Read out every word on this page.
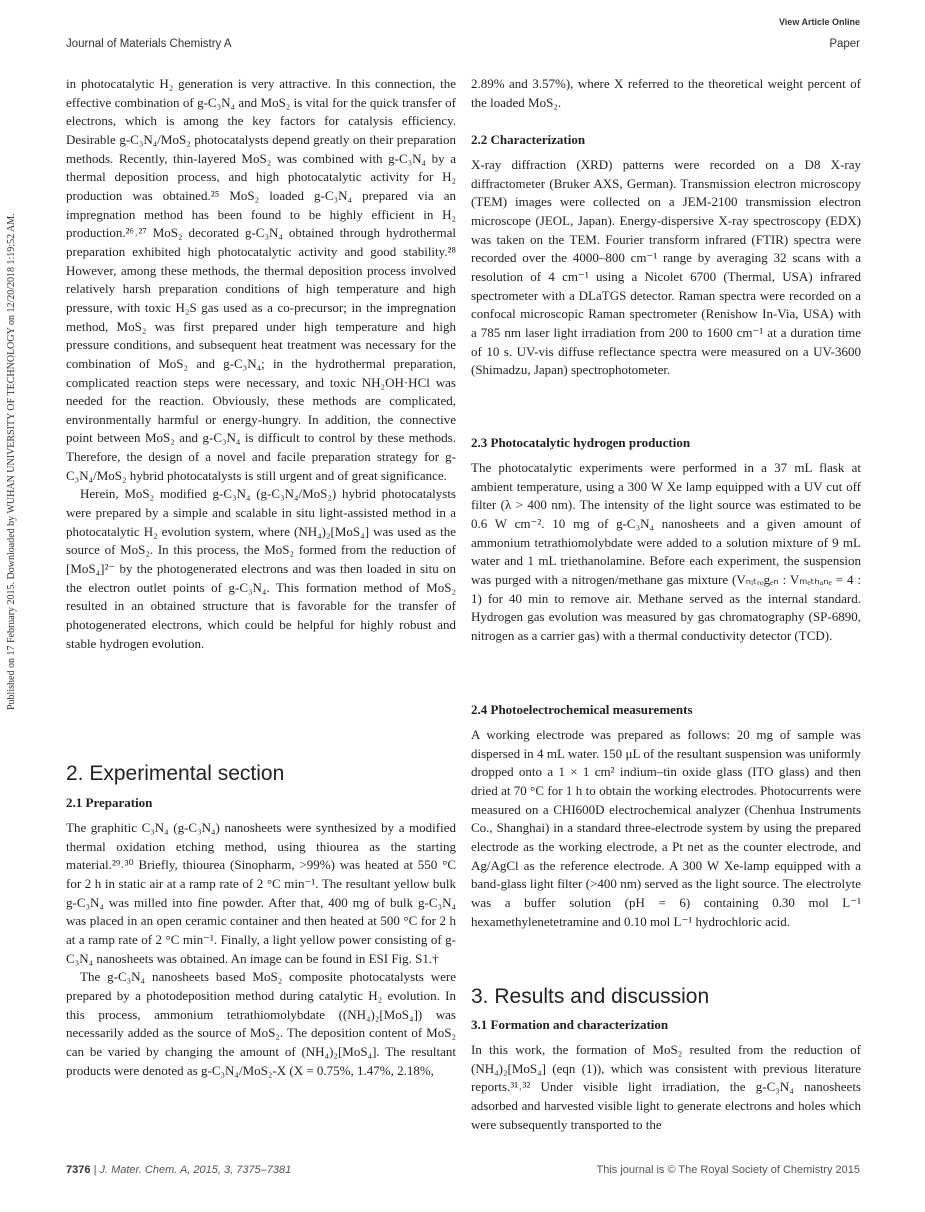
View Article Online
Journal of Materials Chemistry A	Paper
Published on 17 February 2015. Downloaded by WUHAN UNIVERSITY OF TECHNOLOGY on 12/20/2018 1:19:52 AM.

in photocatalytic H₂ generation is very attractive. In this connection, the effective combination of g-C₃N₄ and MoS₂ is vital for the quick transfer of electrons, which is among the key factors for catalysis efficiency. Desirable g-C₃N₄/MoS₂ photocatalysts depend greatly on their preparation methods. Recently, thin-layered MoS₂ was combined with g-C₃N₄ by a thermal deposition process, and high photocatalytic activity for H₂ production was obtained.²⁵ MoS₂ loaded g-C₃N₄ prepared via an impregnation method has been found to be highly efficient in H₂ production.²⁶˒²⁷ MoS₂ decorated g-C₃N₄ obtained through hydrothermal preparation exhibited high photocatalytic activity and good stability.²⁸ However, among these methods, the thermal deposition process involved relatively harsh preparation conditions of high temperature and high pressure, with toxic H₂S gas used as a co-precursor; in the impregnation method, MoS₂ was first prepared under high temperature and high pressure conditions, and subsequent heat treatment was necessary for the combination of MoS₂ and g-C₃N₄; in the hydrothermal preparation, complicated reaction steps were necessary, and toxic NH₂OH·HCl was needed for the reaction. Obviously, these methods are complicated, environmentally harmful or energy-hungry. In addition, the connective point between MoS₂ and g-C₃N₄ is difficult to control by these methods. Therefore, the design of a novel and facile preparation strategy for g-C₃N₄/MoS₂ hybrid photocatalysts is still urgent and of great significance.

Herein, MoS₂ modified g-C₃N₄ (g-C₃N₄/MoS₂) hybrid photocatalysts were prepared by a simple and scalable in situ light-assisted method in a photocatalytic H₂ evolution system, where (NH₄)₂[MoS₄] was used as the source of MoS₂. In this process, the MoS₂ formed from the reduction of [MoS₄]²⁻ by the photogenerated electrons and was then loaded in situ on the electron outlet points of g-C₃N₄. This formation method of MoS₂ resulted in an obtained structure that is favorable for the transfer of photogenerated electrons, which could be helpful for highly robust and stable hydrogen evolution.

2. Experimental section
2.1 Preparation

The graphitic C₃N₄ (g-C₃N₄) nanosheets were synthesized by a modified thermal oxidation etching method, using thiourea as the starting material.²⁹˒³⁰ Briefly, thiourea (Sinopharm, >99%) was heated at 550 °C for 2 h in static air at a ramp rate of 2 °C min⁻¹. The resultant yellow bulk g-C₃N₄ was milled into fine powder. After that, 400 mg of bulk g-C₃N₄ was placed in an open ceramic container and then heated at 500 °C for 2 h at a ramp rate of 2 °C min⁻¹. Finally, a light yellow power consisting of g-C₃N₄ nanosheets was obtained. An image can be found in ESI Fig. S1.†

The g-C₃N₄ nanosheets based MoS₂ composite photocatalysts were prepared by a photodeposition method during catalytic H₂ evolution. In this process, ammonium tetrathiomolybdate ((NH₄)₂[MoS₄]) was necessarily added as the source of MoS₂. The deposition content of MoS₂ can be varied by changing the amount of (NH₄)₂[MoS₄]. The resultant products were denoted as g-C₃N₄/MoS₂-X (X = 0.75%, 1.47%, 2.18%,

2.89% and 3.57%), where X referred to the theoretical weight percent of the loaded MoS₂.

2.2 Characterization

X-ray diffraction (XRD) patterns were recorded on a D8 X-ray diffractometer (Bruker AXS, German). Transmission electron microscopy (TEM) images were collected on a JEM-2100 transmission electron microscope (JEOL, Japan). Energy-dispersive X-ray spectroscopy (EDX) was taken on the TEM. Fourier transform infrared (FTIR) spectra were recorded over the 4000–800 cm⁻¹ range by averaging 32 scans with a resolution of 4 cm⁻¹ using a Nicolet 6700 (Thermal, USA) infrared spectrometer with a DLaTGS detector. Raman spectra were recorded on a confocal microscopic Raman spectrometer (Renishow In-Via, USA) with a 785 nm laser light irradiation from 200 to 1600 cm⁻¹ at a duration time of 10 s. UV-vis diffuse reflectance spectra were measured on a UV-3600 (Shimadzu, Japan) spectrophotometer.

2.3 Photocatalytic hydrogen production

The photocatalytic experiments were performed in a 37 mL flask at ambient temperature, using a 300 W Xe lamp equipped with a UV cut off filter (λ > 400 nm). The intensity of the light source was estimated to be 0.6 W cm⁻². 10 mg of g-C₃N₄ nanosheets and a given amount of ammonium tetrathiomolybdate were added to a solution mixture of 9 mL water and 1 mL triethanolamine. Before each experiment, the suspension was purged with a nitrogen/methane gas mixture (Vₙᵢₜᵣₒgₑₙ : Vₘₑₜₕₐₙₑ = 4 : 1) for 40 min to remove air. Methane served as the internal standard. Hydrogen gas evolution was measured by gas chromatography (SP-6890, nitrogen as a carrier gas) with a thermal conductivity detector (TCD).

2.4 Photoelectrochemical measurements

A working electrode was prepared as follows: 20 mg of sample was dispersed in 4 mL water. 150 μL of the resultant suspension was uniformly dropped onto a 1 × 1 cm² indium–tin oxide glass (ITO glass) and then dried at 70 °C for 1 h to obtain the working electrodes. Photocurrents were measured on a CHI600D electrochemical analyzer (Chenhua Instruments Co., Shanghai) in a standard three-electrode system by using the prepared electrode as the working electrode, a Pt net as the counter electrode, and Ag/AgCl as the reference electrode. A 300 W Xe-lamp equipped with a band-glass light filter (>400 nm) served as the light source. The electrolyte was a buffer solution (pH = 6) containing 0.30 mol L⁻¹ hexamethylenetetramine and 0.10 mol L⁻¹ hydrochloric acid.

3. Results and discussion
3.1 Formation and characterization

In this work, the formation of MoS₂ resulted from the reduction of (NH₄)₂[MoS₄] (eqn (1)), which was consistent with previous literature reports.³¹˒³² Under visible light irradiation, the g-C₃N₄ nanosheets adsorbed and harvested visible light to generate electrons and holes which were subsequently transported to the

7376 | J. Mater. Chem. A, 2015, 3, 7375–7381	This journal is © The Royal Society of Chemistry 2015
